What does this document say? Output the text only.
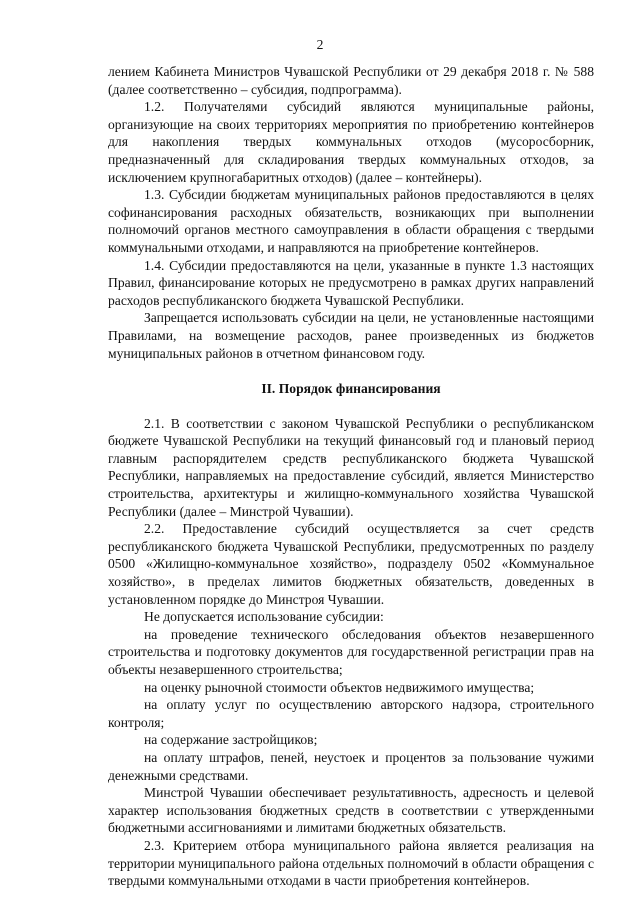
2

лением Кабинета Министров Чувашской Республики от 29 декабря 2018 г. № 588 (далее соответственно – субсидия, подпрограмма).

1.2. Получателями субсидий являются муниципальные районы, организующие на своих территориях мероприятия по приобретению контейнеров для накопления твердых коммунальных отходов (мусоросборник, предназначенный для складирования твердых коммунальных отходов, за исключением крупногабаритных отходов) (далее – контейнеры).

1.3. Субсидии бюджетам муниципальных районов предоставляются в целях софинансирования расходных обязательств, возникающих при выполнении полномочий органов местного самоуправления в области обращения с твердыми коммунальными отходами, и направляются на приобретение контейнеров.

1.4. Субсидии предоставляются на цели, указанные в пункте 1.3 настоящих Правил, финансирование которых не предусмотрено в рамках других направлений расходов республиканского бюджета Чувашской Республики.

Запрещается использовать субсидии на цели, не установленные настоящими Правилами, на возмещение расходов, ранее произведенных из бюджетов муниципальных районов в отчетном финансовом году.

II. Порядок финансирования

2.1. В соответствии с законом Чувашской Республики о республиканском бюджете Чувашской Республики на текущий финансовый год и плановый период главным распорядителем средств республиканского бюджета Чувашской Республики, направляемых на предоставление субсидий, является Министерство строительства, архитектуры и жилищно-коммунального хозяйства Чувашской Республики (далее – Минстрой Чувашии).

2.2. Предоставление субсидий осуществляется за счет средств республиканского бюджета Чувашской Республики, предусмотренных по разделу 0500 «Жилищно-коммунальное хозяйство», подразделу 0502 «Коммунальное хозяйство», в пределах лимитов бюджетных обязательств, доведенных в установленном порядке до Минстроя Чувашии.

Не допускается использование субсидии:

на проведение технического обследования объектов незавершенного строительства и подготовку документов для государственной регистрации прав на объекты незавершенного строительства;

на оценку рыночной стоимости объектов недвижимого имущества;

на оплату услуг по осуществлению авторского надзора, строительного контроля;

на содержание застройщиков;

на оплату штрафов, пеней, неустоек и процентов за пользование чужими денежными средствами.

Минстрой Чувашии обеспечивает результативность, адресность и целевой характер использования бюджетных средств в соответствии с утвержденными бюджетными ассигнованиями и лимитами бюджетных обязательств.

2.3. Критерием отбора муниципального района является реализация на территории муниципального района отдельных полномочий в области обращения с твердыми коммунальными отходами в части приобретения контейнеров.
